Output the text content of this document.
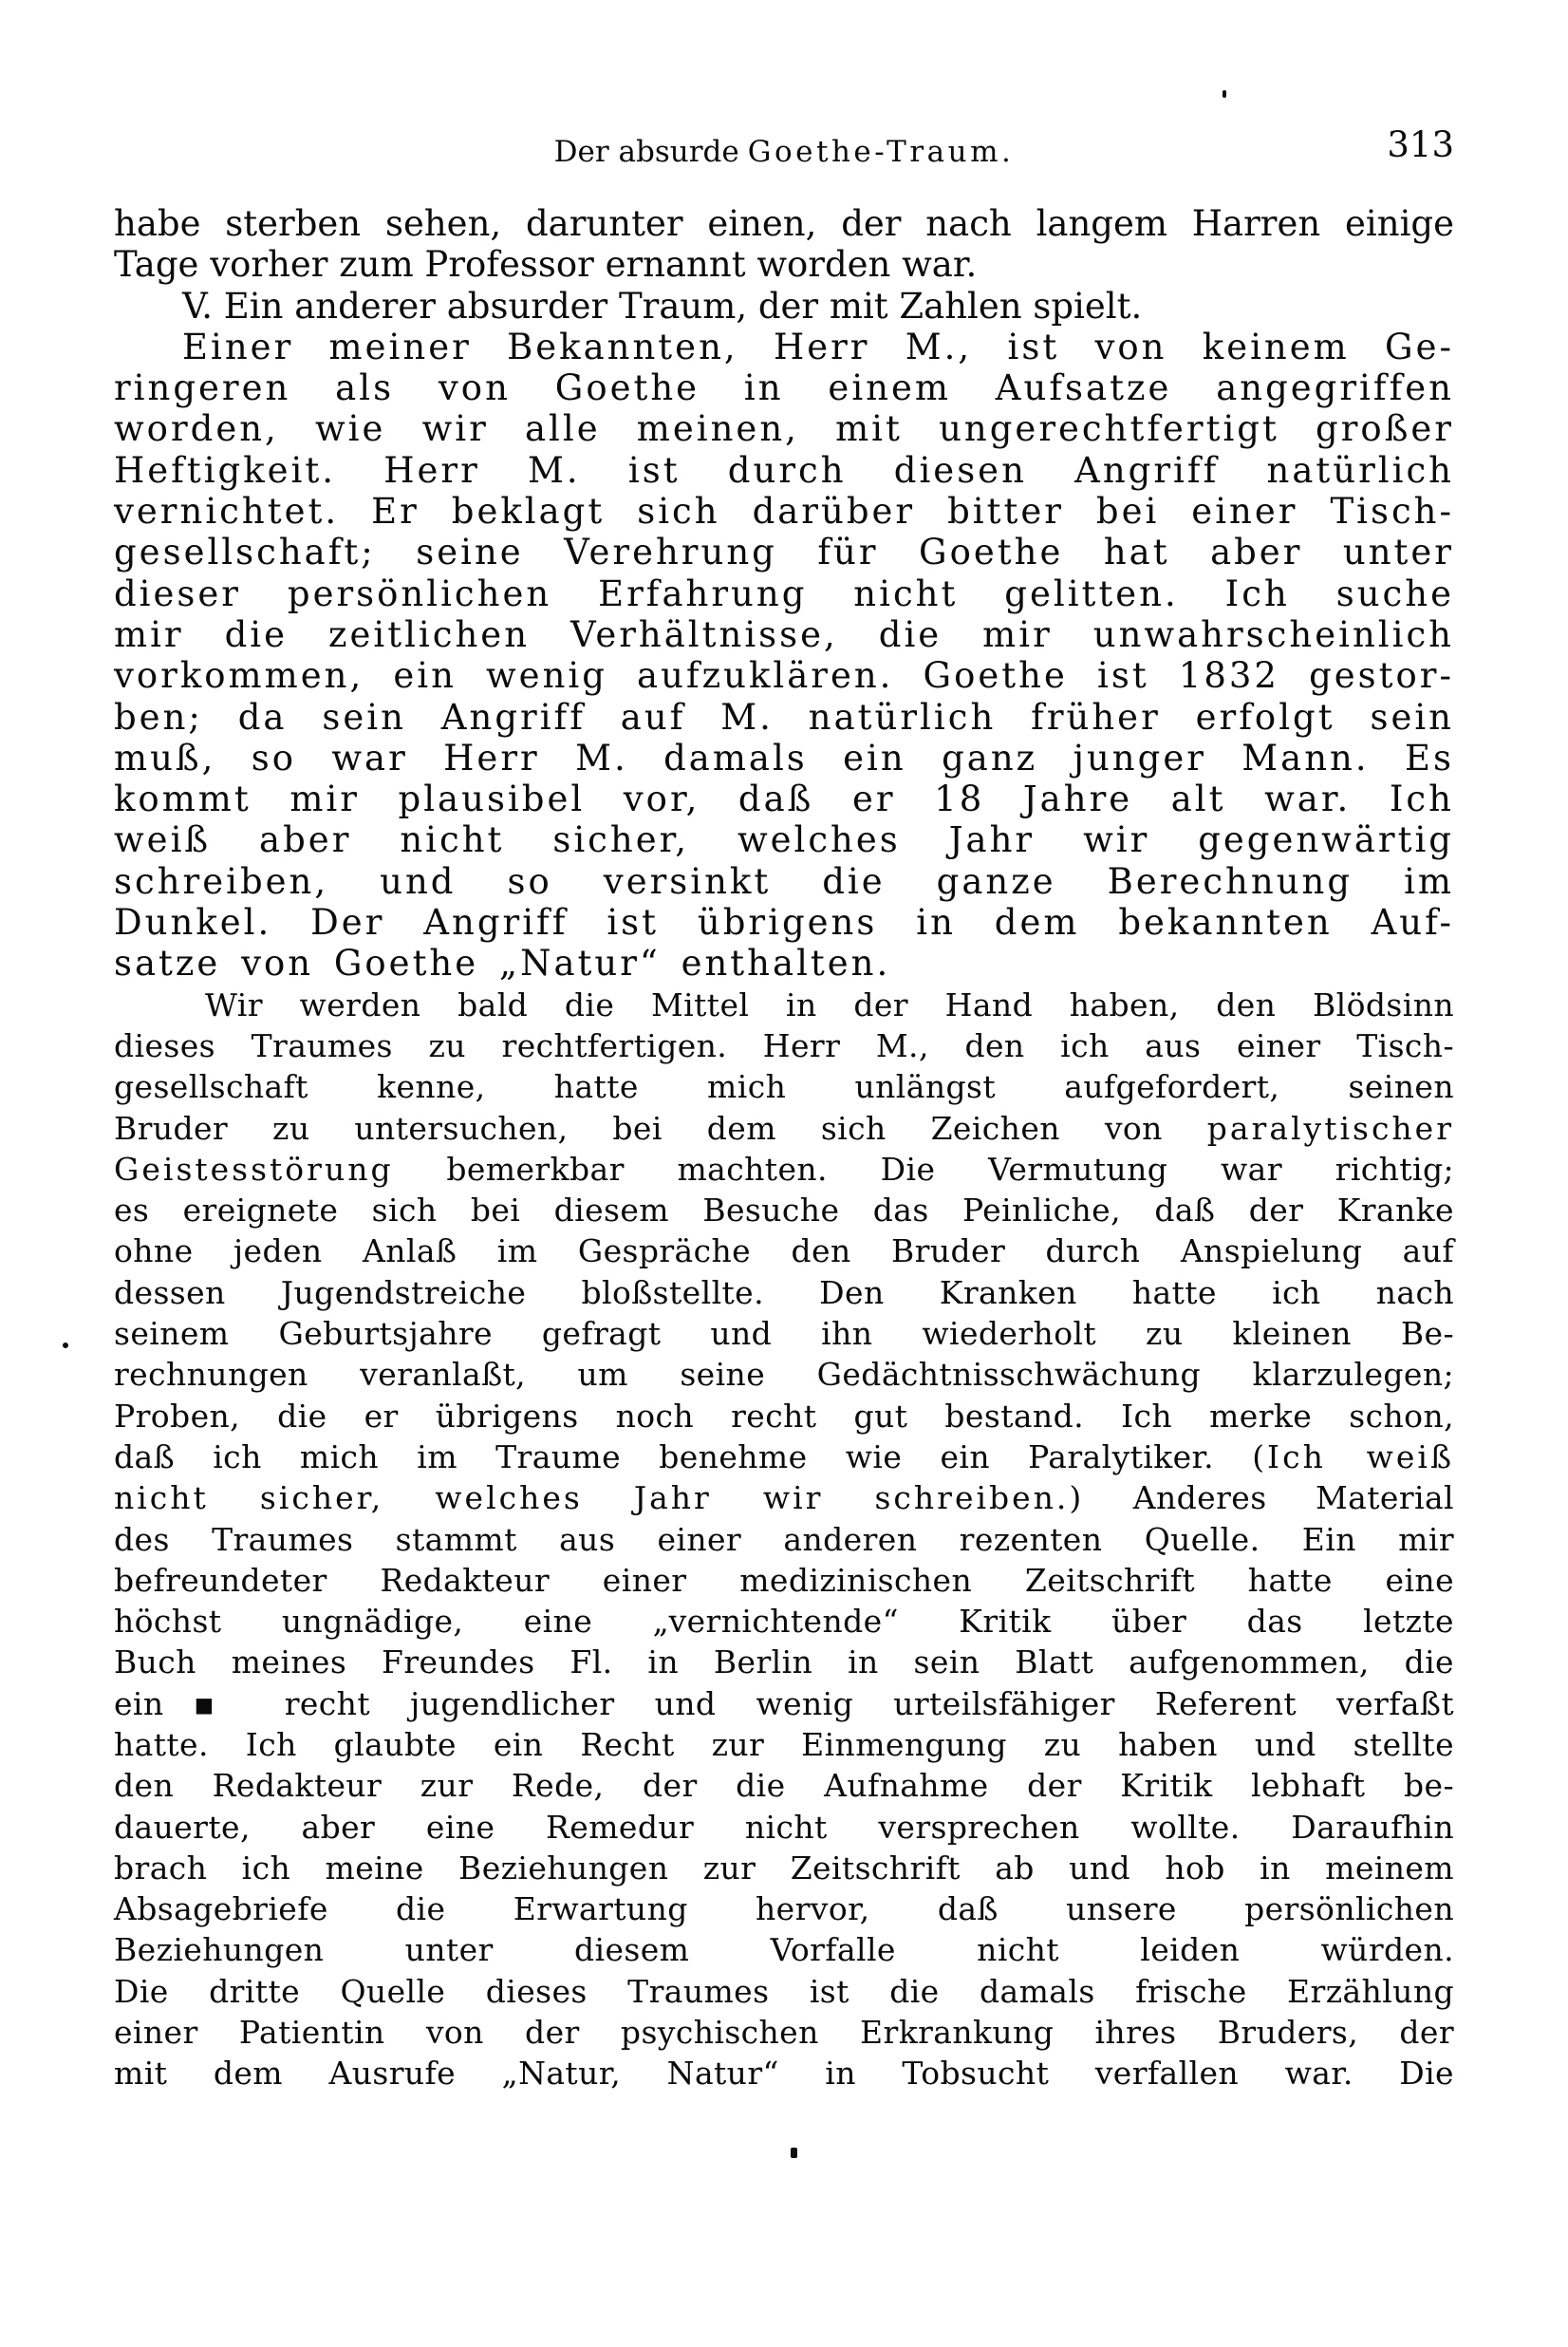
Der absurde Goethe-Traum.	313
habe sterben sehen, darunter einen, der nach langem Harren einige
Tage vorher zum Professor ernannt worden war.
V. Ein anderer absurder Traum, der mit Zahlen spielt.
Einer meiner Bekannten, Herr M., ist von keinem Ge-
ringeren als von Goethe in einem Aufsatze angegriffen
worden, wie wir alle meinen, mit ungerechtfertigt großer
Heftigkeit. Herr M. ist durch diesen Angriff natürlich
vernichtet. Er beklagt sich darüber bitter bei einer Tisch-
gesellschaft; seine Verehrung für Goethe hat aber unter
dieser persönlichen Erfahrung nicht gelitten. Ich suche
mir die zeitlichen Verhältnisse, die mir unwahrscheinlich
vorkommen, ein wenig aufzuklären. Goethe ist 1832 gestor-
ben; da sein Angriff auf M. natürlich früher erfolgt sein
muß, so war Herr M. damals ein ganz junger Mann. Es
kommt mir plausibel vor, daß er 18 Jahre alt war. Ich
weiß aber nicht sicher, welches Jahr wir gegenwärtig
schreiben, und so versinkt die ganze Berechnung im
Dunkel. Der Angriff ist übrigens in dem bekannten Auf-
satze von Goethe „Natur“ enthalten.
Wir werden bald die Mittel in der Hand haben, den Blödsinn
dieses Traumes zu rechtfertigen. Herr M., den ich aus einer Tisch-
gesellschaft kenne, hatte mich unlängst aufgefordert, seinen
Bruder zu untersuchen, bei dem sich Zeichen von paralytischer
Geistesstörung bemerkbar machten. Die Vermutung war richtig;
es ereignete sich bei diesem Besuche das Peinliche, daß der Kranke
ohne jeden Anlaß im Gespräche den Bruder durch Anspielung auf
dessen Jugendstreiche bloßstellte. Den Kranken hatte ich nach
seinem Geburtsjahre gefragt und ihn wiederholt zu kleinen Be-
rechnungen veranlaßt, um seine Gedächtnisschwächung klarzulegen;
Proben, die er übrigens noch recht gut bestand. Ich merke schon,
daß ich mich im Traume benehme wie ein Paralytiker. (Ich weiß
nicht sicher, welches Jahr wir schreiben.) Anderes Material
des Traumes stammt aus einer anderen rezenten Quelle. Ein mir
befreundeter Redakteur einer medizinischen Zeitschrift hatte eine
höchst ungnädige, eine „vernichtende“ Kritik über das letzte
Buch meines Freundes Fl. in Berlin in sein Blatt aufgenommen, die
ein▪ recht jugendlicher und wenig urteilsfähiger Referent verfaßt
hatte. Ich glaubte ein Recht zur Einmengung zu haben und stellte
den Redakteur zur Rede, der die Aufnahme der Kritik lebhaft be-
dauerte, aber eine Remedur nicht versprechen wollte. Daraufhin
brach ich meine Beziehungen zur Zeitschrift ab und hob in meinem
Absagebriefe die Erwartung hervor, daß unsere persönlichen
Beziehungen unter diesem Vorfalle nicht leiden würden.
Die dritte Quelle dieses Traumes ist die damals frische Erzählung
einer Patientin von der psychischen Erkrankung ihres Bruders, der
mit dem Ausrufe „Natur, Natur“ in Tobsucht verfallen war. Die
